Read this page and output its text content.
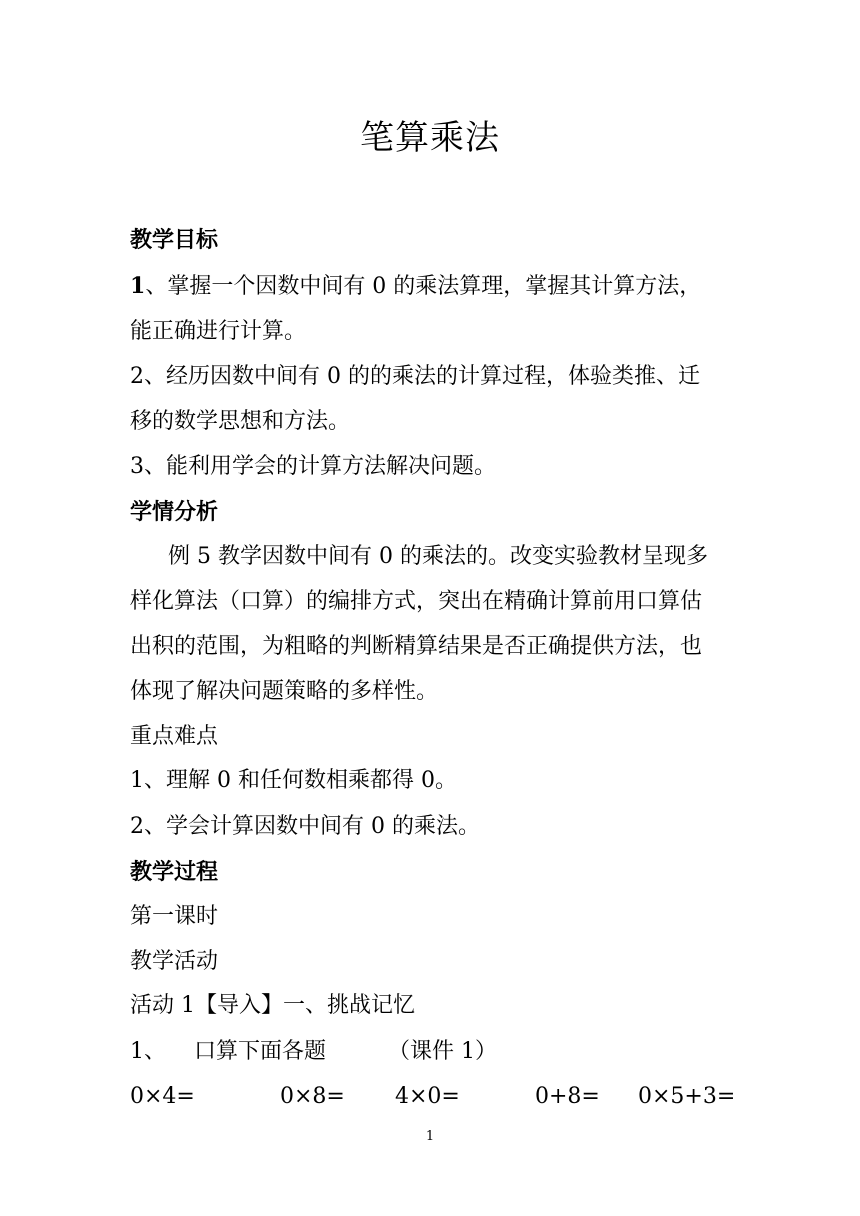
笔算乘法
教学目标
1、掌握一个因数中间有 0 的乘法算理，掌握其计算方法，
能正确进行计算。
2、经历因数中间有 0 的的乘法的计算过程，体验类推、迁
移的数学思想和方法。
3、能利用学会的计算方法解决问题。
学情分析
例 5 教学因数中间有 0 的乘法的。改变实验教材呈现多
样化算法（口算）的编排方式，突出在精确计算前用口算估
出积的范围，为粗略的判断精算结果是否正确提供方法，也
体现了解决问题策略的多样性。
重点难点
1、理解 0 和任何数相乘都得 0。
2、学会计算因数中间有 0 的乘法。
教学过程
第一课时
教学活动
活动 1【导入】一、挑战记忆
1、 口算下面各题	（课件 1）
0×4=	0×8= 4×0=	0+8= 0×5+3=
1
